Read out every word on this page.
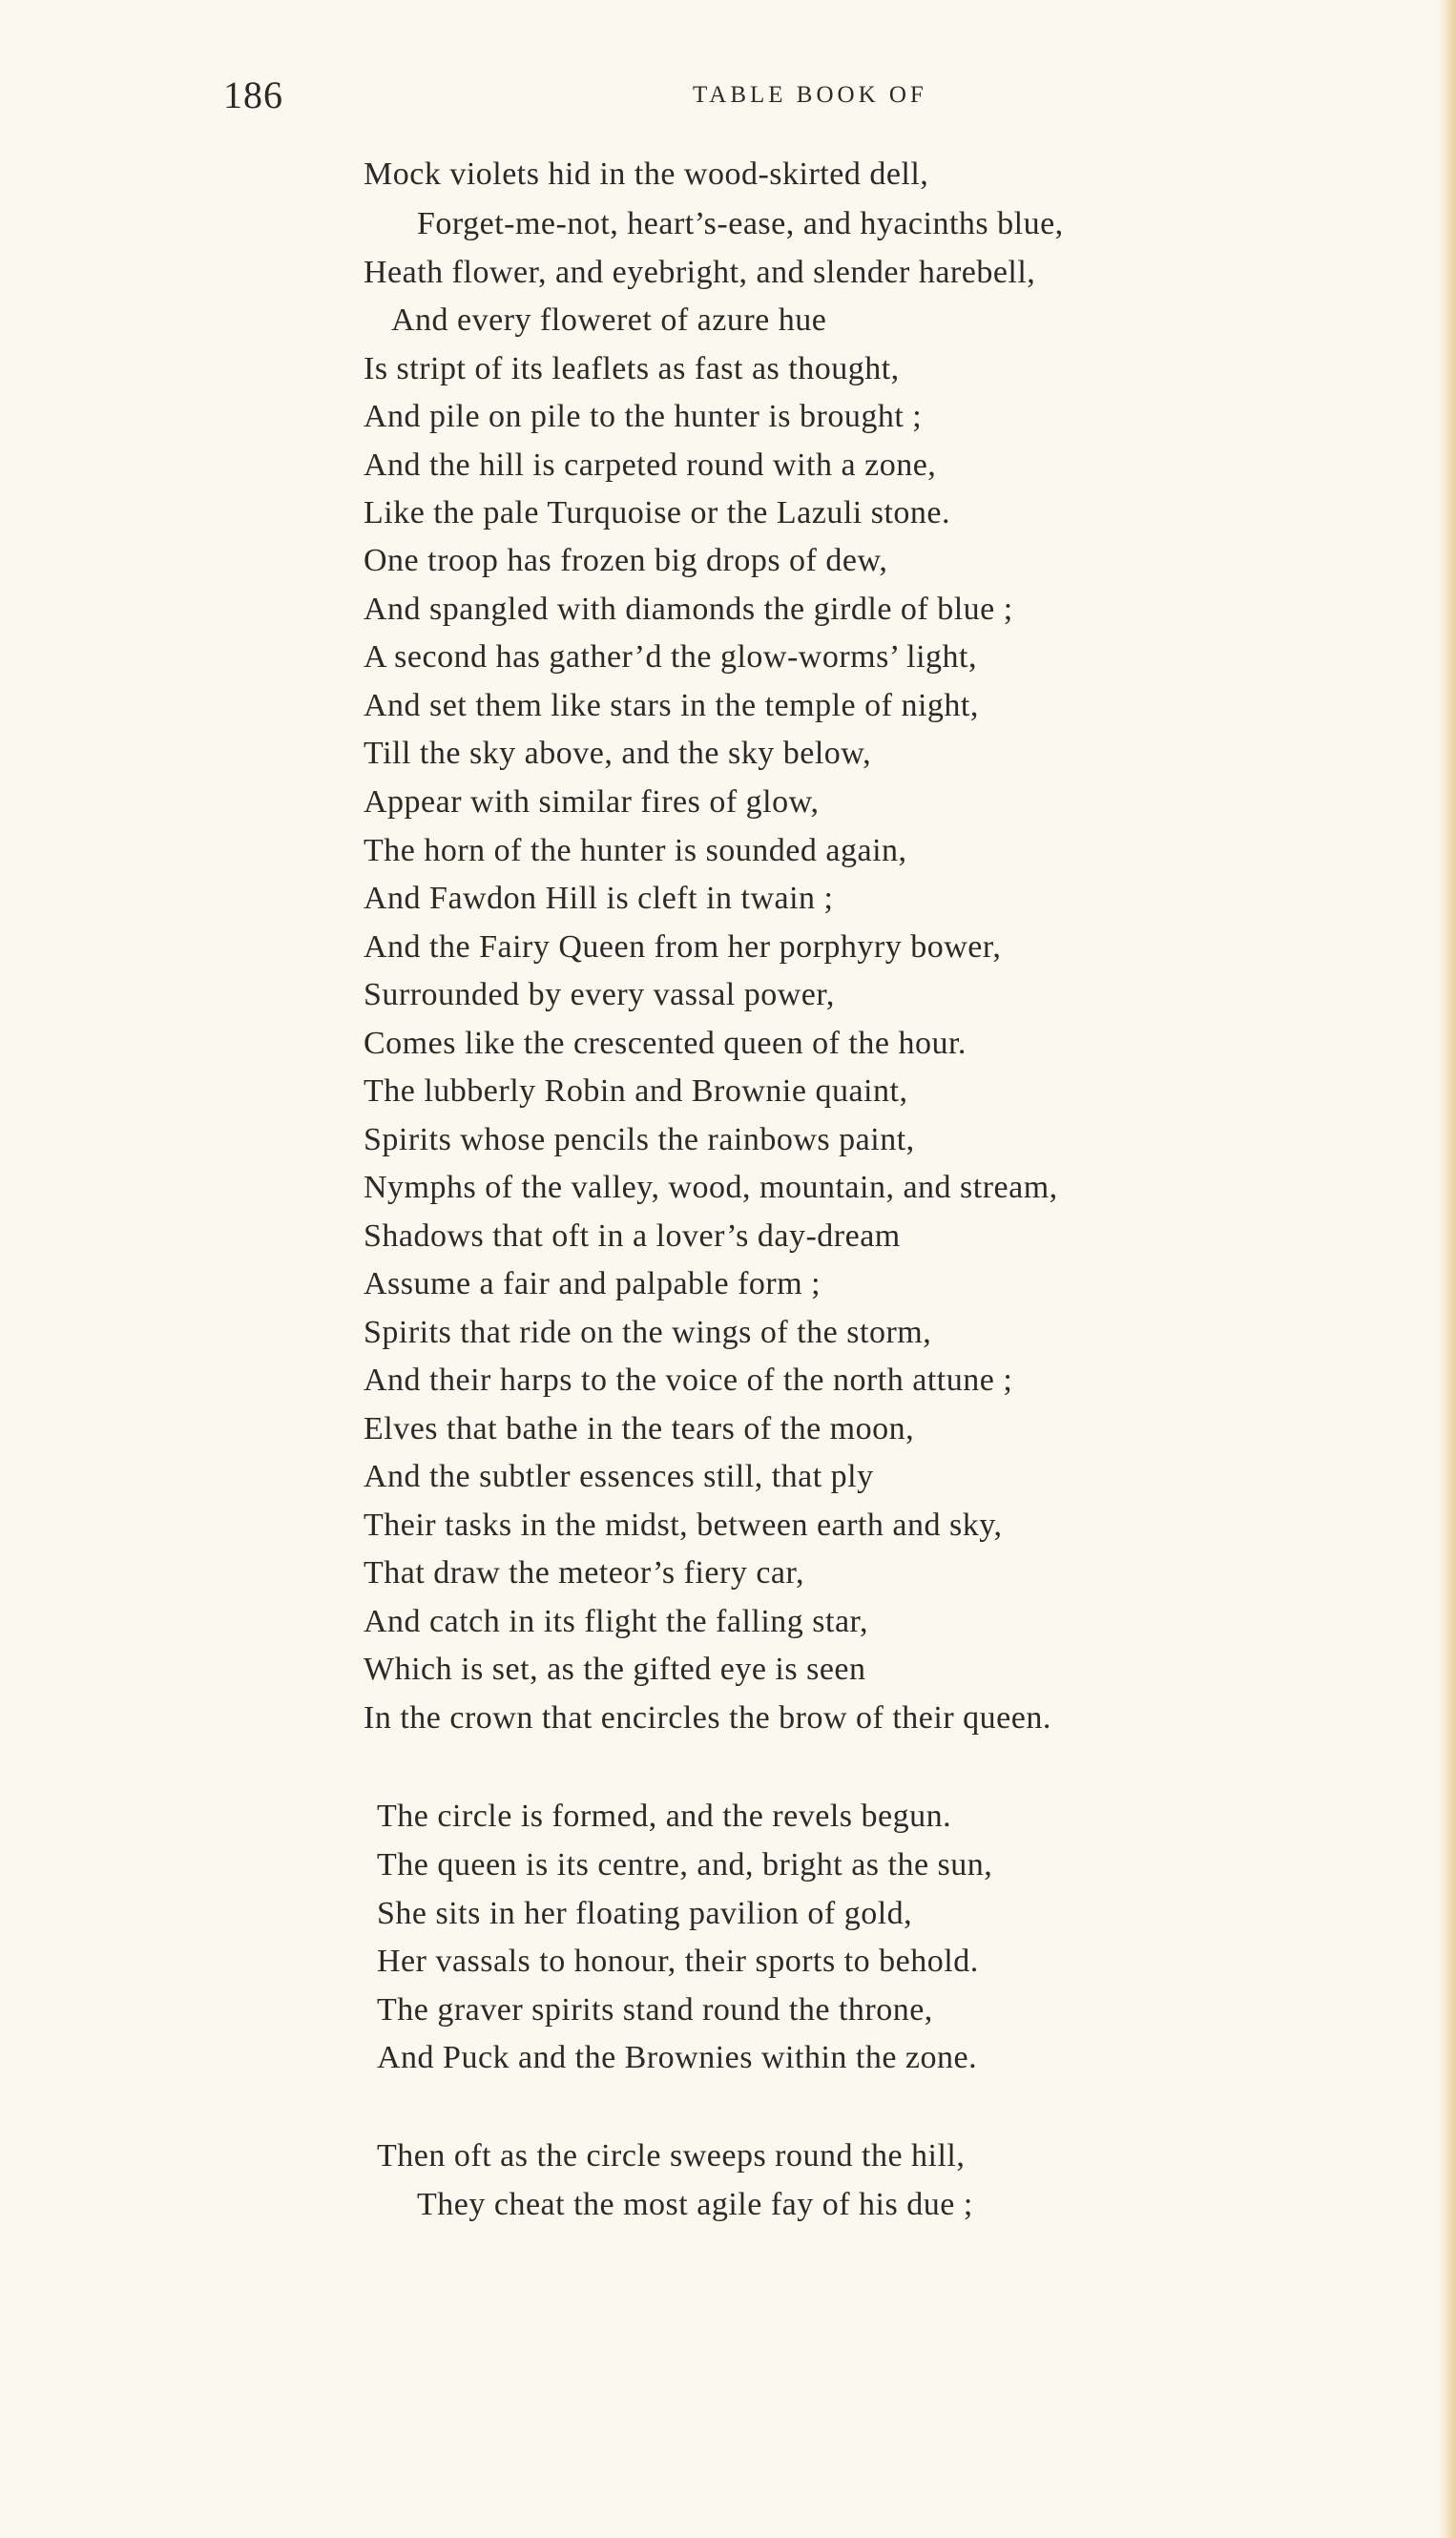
186	TABLE BOOK OF
Mock violets hid in the wood-skirted dell,
Forget-me-not, heart’s-ease, and hyacinths blue,
Heath flower, and eyebright, and slender harebell,
And every floweret of azure hue
Is stript of its leaflets as fast as thought,
And pile on pile to the hunter is brought ;
And the hill is carpeted round with a zone,
Like the pale Turquoise or the Lazuli stone.
One troop has frozen big drops of dew,
And spangled with diamonds the girdle of blue ;
A second has gather’d the glow-worms’ light,
And set them like stars in the temple of night,
Till the sky above, and the sky below,
Appear with similar fires of glow,
The horn of the hunter is sounded again,
And Fawdon Hill is cleft in twain ;
And the Fairy Queen from her porphyry bower,
Surrounded by every vassal power,
Comes like the crescented queen of the hour.
The lubberly Robin and Brownie quaint,
Spirits whose pencils the rainbows paint,
Nymphs of the valley, wood, mountain, and stream,
Shadows that oft in a lover’s day-dream
Assume a fair and palpable form ;
Spirits that ride on the wings of the storm,
And their harps to the voice of the north attune ;
Elves that bathe in the tears of the moon,
And the subtler essences still, that ply
Their tasks in the midst, between earth and sky,
That draw the meteor’s fiery car,
And catch in its flight the falling star,
Which is set, as the gifted eye is seen
In the crown that encircles the brow of their queen.
The circle is formed, and the revels begun.
The queen is its centre, and, bright as the sun,
She sits in her floating pavilion of gold,
Her vassals to honour, their sports to behold.
The graver spirits stand round the throne,
And Puck and the Brownies within the zone.
Then oft as the circle sweeps round the hill,
They cheat the most agile fay of his due ;
